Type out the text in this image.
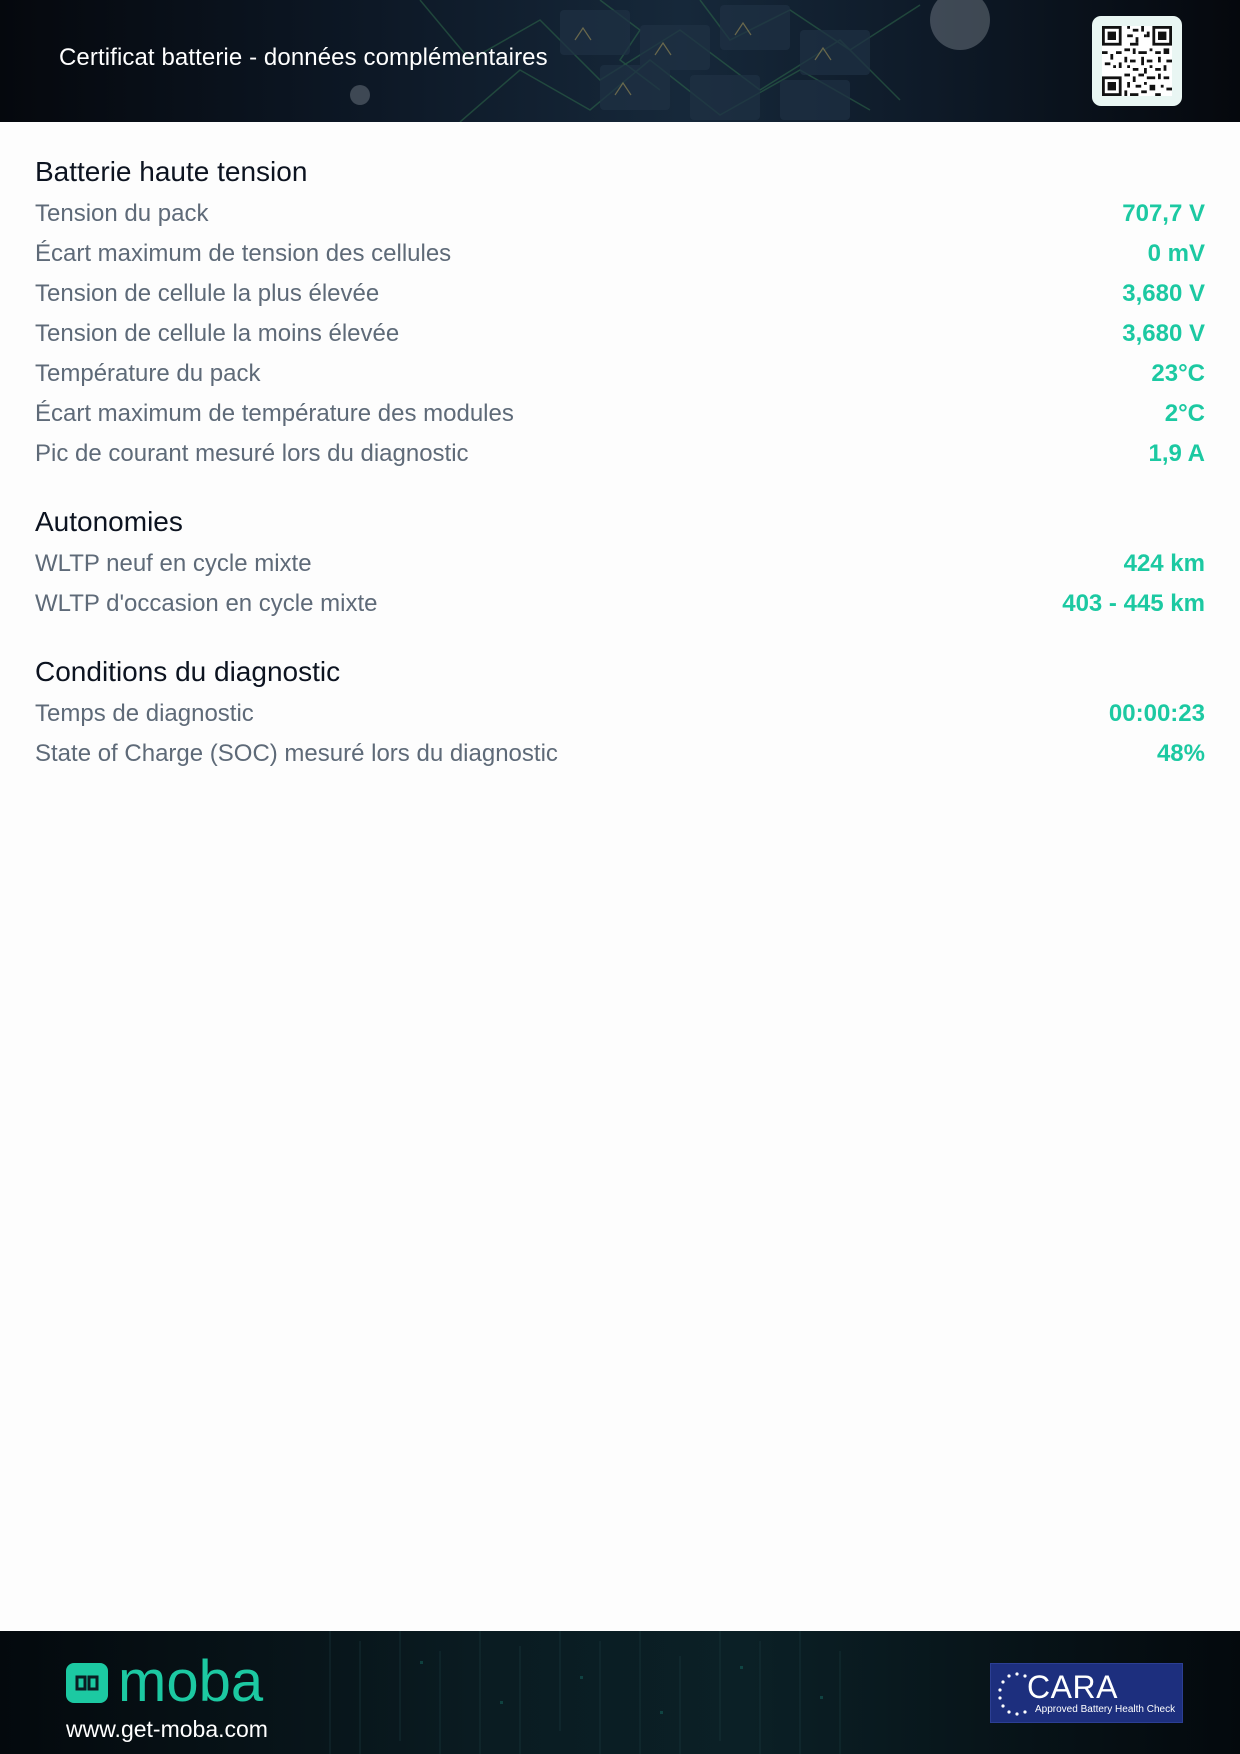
Certificat batterie - données complémentaires
Batterie haute tension
Tension du pack	707,7 V
Écart maximum de tension des cellules	0 mV
Tension de cellule la plus élevée	3,680 V
Tension de cellule la moins élevée	3,680 V
Température du pack	23°C
Écart maximum de température des modules	2°C
Pic de courant mesuré lors du diagnostic	1,9 A
Autonomies
WLTP neuf en cycle mixte	424 km
WLTP d'occasion en cycle mixte	403 - 445 km
Conditions du diagnostic
Temps de diagnostic	00:00:23
State of Charge (SOC) mesuré lors du diagnostic	48%
moba
www.get-moba.com
CARA
Approved Battery Health Check
